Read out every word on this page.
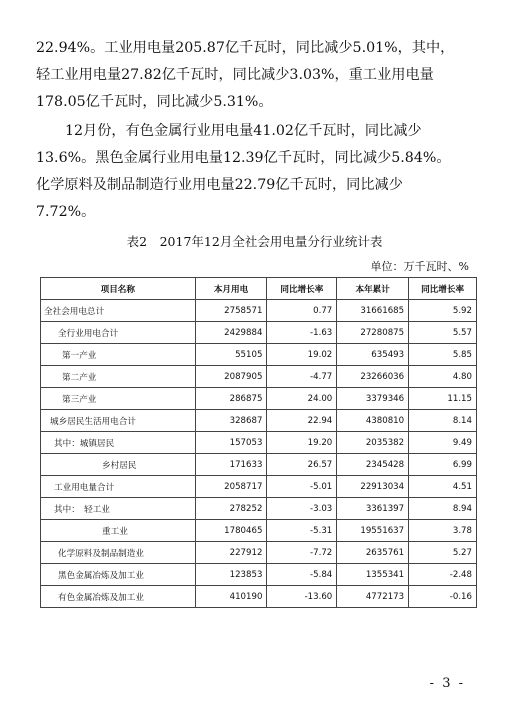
22.94%。工业用电量205.87亿千瓦时，同比减少5.01%，其中，

轻工业用电量27.82亿千瓦时，同比减少3.03%，重工业用电量

178.05亿千瓦时，同比减少5.31%。

12月份，有色金属行业用电量41.02亿千瓦时，同比减少

13.6%。黑色金属行业用电量12.39亿千瓦时，同比减少5.84%。

化学原料及制品制造行业用电量22.79亿千瓦时，同比减少

7.72%。

表2　2017年12月全社会用电量分行业统计表
单位：万千瓦时、%
项目名称	本月用电	同比增长率	本年累计	同比增长率
全社会用电总计	2758571	0.77	31661685	5.92
全行业用电合计	2429884	-1.63	27280875	5.57
第一产业	55105	19.02	635493	5.85
第二产业	2087905	-4.77	23266036	4.80
第三产业	286875	24.00	3379346	11.15
城乡居民生活用电合计	328687	22.94	4380810	8.14
其中：城镇居民	157053	19.20	2035382	9.49
乡村居民	171633	26.57	2345428	6.99
工业用电量合计	2058717	-5.01	22913034	4.51
其中：　轻工业	278252	-3.03	3361397	8.94
重工业	1780465	-5.31	19551637	3.78
化学原料及制品制造业	227912	-7.72	2635761	5.27
黑色金属冶炼及加工业	123853	-5.84	1355341	-2.48
有色金属冶炼及加工业	410190	-13.60	4772173	-0.16
- 3 -
